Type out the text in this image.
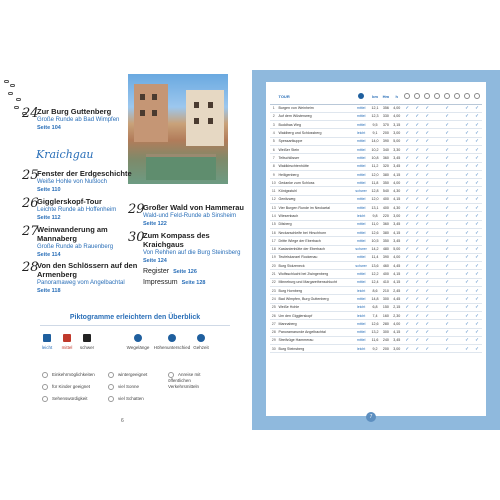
24
Zur Burg Guttenberg
Große Runde ab Bad Wimpfen
Seite 104
Kraichgau
25
Fenster der Erdgeschichte
Weiße Hohle von Nußloch
Seite 110
26
Gigglerskopf-Tour
Leichte Runde ab Hoffenheim
Seite 112
27
Weinwanderung am
Mannaberg
Große Runde ab Rauenberg
Seite 114
28
Von den Schlössern auf den
Armenberg
Panoramaweg vom Angelbachtal
Seite 118
29
Großer Wald von Hammerau
Wald-und Feld-Runde ab Sinsheim
Seite 122
30
Zum Kompass des
Kraichgaus
Von Rehhen auf die Burg Steinsberg
Seite 124
Register Seite 126
Impressum Seite 128
Piktogramme erleichtern den Überblick
leicht	mittel	schwer	Wegelänge Höhenunterschied Gehzeit
Einkehrmöglichkeiten
für Kinder geeignet
Sehenswürdigkeit
wintergeeignet
viel Sonne
viel Schatten
Anreise mit öffentlichen Verkehrsmitteln
6
	TOUR		km	Hm	h								
1	Burgen von Weinheim	mittel	12,1	356	4,00	✓	✓	✓		✓		✓	✓
2	Auf dem Wüstenweg	mittel	12,3	330	4,00	✓	✓	✓		✓		✓	✓
3	Buddhas Weg	mittel	9,5	370	3,15	✓	✓	✓		✓		✓	✓
4	Waldberg und Schlossberg	leicht	9,1	200	3,00	✓	✓	✓		✓		✓	✓
5	Spessartkuppe	mittel	14,0	390	5,00	✓	✓	✓		✓		✓	✓
6	Weißer Stein	mittel	10,2	340	3,30	✓	✓	✓		✓		✓	✓
7	Teltschlösser	mittel	10,8	360	3,45	✓	✓	✓		✓		✓	✓
8	Waldkirschtenhütte	mittel	11,2	320	3,45	✓	✓	✓		✓		✓	✓
9	Heiligenberg	mittel	12,0	380	4,15	✓	✓	✓		✓		✓	✓
10	Gedanke zum Schloss	mittel	11,8	350	4,00	✓	✓	✓		✓		✓	✓
11	Königsstuhl	schwer	12,8	540	4,30	✓	✓	✓		✓		✓	✓
12	Genitzweg	mittel	12,0	400	4,15	✓	✓	✓		✓		✓	✓
13	Vier Burgen Runde im Neckartal	mittel	13,1	400	4,30	✓	✓	✓		✓		✓	✓
14	Wiesenbach	leicht	9,8	220	3,00	✓	✓	✓		✓		✓	✓
15	Dilsberg	mittel	11,0	360	3,45	✓	✓	✓		✓		✓	✓
16	Neckarschleife bei Hirschhorn	mittel	12,6	380	4,15	✓	✓	✓		✓		✓	✓
17	Dritte Wiege der Eberbach	mittel	10,5	350	3,45	✓	✓	✓		✓		✓	✓
18	Kastanienhütte der Eberbach	schwer	14,2	480	5,00	✓	✓	✓		✓		✓	✓
19	Teufelskanzel Rockenau	mittel	11,4	390	4,00	✓	✓	✓		✓		✓	✓
20	Burg Stolzeneck	schwer	13,6	460	4,45	✓	✓	✓		✓		✓	✓
21	Wolfsschlucht bei Zwingenberg	mittel	12,2	400	4,15	✓	✓	✓		✓		✓	✓
22	Minneburg und Margarethenschlucht	mittel	12,4	410	4,15	✓	✓	✓		✓		✓	✓
23	Burg Hornberg	leicht	8,6	210	2,45	✓	✓	✓		✓		✓	✓
24	Bad Wimpfen, Burg Guttenberg	mittel	14,8	300	4,45	✓	✓	✓		✓		✓	✓
25	Weiße Hohle	leicht	6,8	150	2,15	✓	✓	✓		✓		✓	✓
26	Um den Gigglerskopf	leicht	7,4	160	2,30	✓	✓	✓		✓		✓	✓
27	Mannaberg	mittel	12,6	280	4,00	✓	✓	✓		✓		✓	✓
28	Panoramarunde Angelbachtal	mittel	13,2	300	4,15	✓	✓	✓		✓		✓	✓
29	Streifzüge Hammerau	mittel	11,6	240	3,45	✓	✓	✓		✓		✓	✓
30	Burg Steinsberg	leicht	9,2	200	3,00	✓	✓	✓		✓		✓	✓
7
